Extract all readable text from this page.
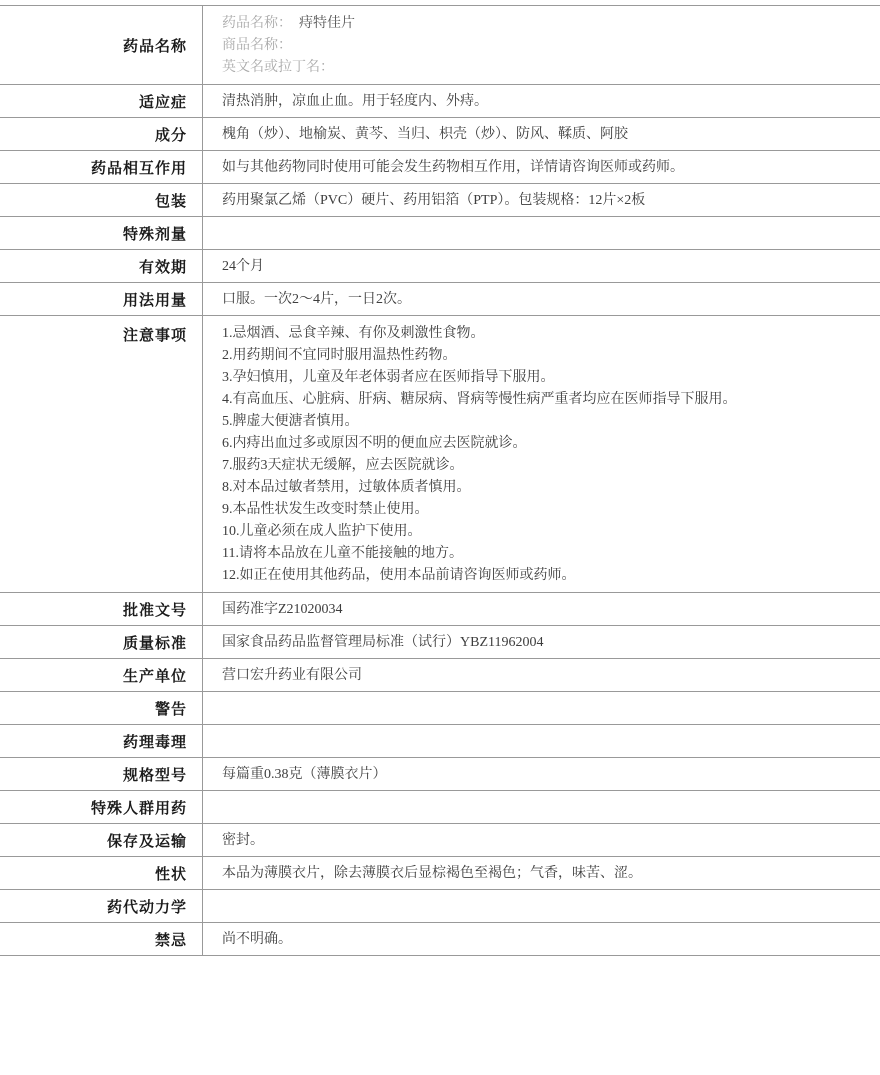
药品名称
药品名称： 痔特佳片
商品名称：
英文名或拉丁名：
适应症	清热消肿，凉血止血。用于轻度内、外痔。
成分	槐角（炒）、地榆炭、黄芩、当归、枳壳（炒）、防风、鞣质、阿胶
药品相互作用	如与其他药物同时使用可能会发生药物相互作用，详情请咨询医师或药师。
包装	药用聚氯乙烯（PVC）硬片、药用铝箔（PTP）。包装规格：12片×2板
特殊剂量
有效期	24个月
用法用量	口服。一次2～4片，一日2次。
注意事项	1.忌烟酒、忌食辛辣、有你及刺激性食物。
2.用药期间不宜同时服用温热性药物。
3.孕妇慎用，儿童及年老体弱者应在医师指导下服用。
4.有高血压、心脏病、肝病、糖尿病、肾病等慢性病严重者均应在医师指导下服用。
5.脾虚大便溏者慎用。
6.内痔出血过多或原因不明的便血应去医院就诊。
7.服药3天症状无缓解，应去医院就诊。
8.对本品过敏者禁用，过敏体质者慎用。
9.本品性状发生改变时禁止使用。
10.儿童必须在成人监护下使用。
11.请将本品放在儿童不能接触的地方。
12.如正在使用其他药品，使用本品前请咨询医师或药师。
批准文号	国药准字Z21020034
质量标准	国家食品药品监督管理局标准（试行）YBZ11962004
生产单位	营口宏升药业有限公司
警告
药理毒理
规格型号	每篇重0.38克（薄膜衣片）
特殊人群用药
保存及运输	密封。
性状	本品为薄膜衣片，除去薄膜衣后显棕褐色至褐色；气香，味苦、涩。
药代动力学
禁忌	尚不明确。
